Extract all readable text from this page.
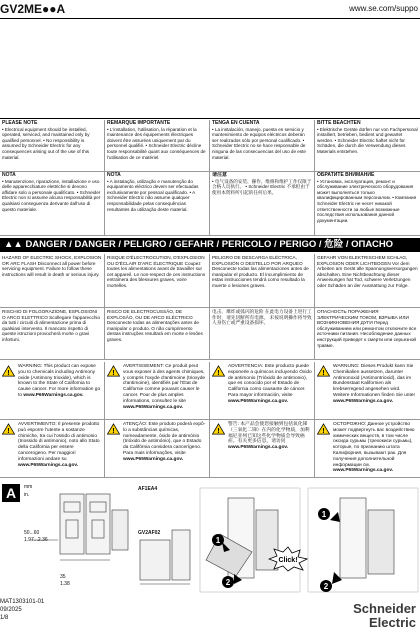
GV2ME●●A	www.se.com/suppo
PLEASE NOTE
• Electrical equipment should be installed, operated, serviced, and maintained only by qualified personnel. • No responsibility is assumed by Schneider Electric for any consequences arising out of the use of this material.
REMARQUE IMPORTANTE
• L'installation, l'utilisation, la réparation et la maintenance des équipements électriques doivent être assurées uniquement par du personnel qualifié. • Schneider Electric décline toute responsabilité quant aux conséquences de l'utilisation de ce matériel.
TENGA EN CUENTA
• La instalación, manejo, puesta en servicio y mantenimiento de equipos eléctricos deberán ser realizados sólo por personal cualificado. • Schneider Electric no se hace responsable de ninguna de las consecuencias del uso de este material.
BITTE BEACHTEN
• Elektrische Geräte dürfen nur von Fachpersonal installiert, betrieben, bedient und gewartet werden. • Schneider Electric haftet nicht für Schäden, die durch die Verwendung dieses Materials entstehen.
NOTA
• Manutenzione, riparazione, installazione e uso delle apparecchiature elettriche si devono affidare solo a personale qualificato. • Schneider Electric non si assume alcuna responsabilità per qualsiasi conseguenza derivante dall'uso di questo materiale.
NOTA
• A instalação, utilização e manutenção do equipamento eléctrico devem ser efectuadas exclusivamente por pessoal qualificado. • A Schneider Electric não assume qualquer responsabilidade pelas consequências resultantes da utilização deste material.
请注意
• 电气设备的安装、操作、维修和维护工作仅限于合格人员执行。 • Schneider Electric 不承担由于使用本资料所引起的任何后果。
ОБРАТИТЕ ВНИМАНИЕ
• Установка, эксплуатация, ремонт и обслуживание электрического оборудования может выполняться только квалифицированным персоналом. • Компания Schneider Electric не несет никакой ответственности за любые возможные последствия использования данной документации.
▲▲ DANGER / DANGER / PELIGRO / GEFAHR / PERICOLO / PERIGO / 危险 / ОПАСНО
HAZARD OF ELECTRIC SHOCK, EXPLOSION OR ARC FLASH Disconnect all power before servicing equipment. Failure to follow these instructions will result in death or serious injury.
RISQUE D'ÉLECTROCUTION, D'EXPLOSION OU D'ÉCLAIR D'ARC ÉLECTRIQUE Coupez toutes les alimentations avant de travailler sur cet appareil. Le non-respect de ces instructions entraînera des blessures graves, voire mortelles.
PELIGRO DE DESCARGA ELÉCTRICA, EXPLOSIÓN O DESTELLO POR ARQUEO Desconecte todas las alimentaciones antes de manipular el producto. El incumplimiento de estas instrucciones tendrá como resultado la muerte o lesiones graves.
GEFAHR VON ELEKTRISCHEM SCHLAG, EXPLOSION ODER LICHTBOGEN Vor dem Arbeiten am Gerät alle Spannungsversorgungen abschalten. Eine Nichtbeachtung dieser Anweisungen hat Tod, schwere Verletzungen oder Schäden an der Ausstattung zur Folge.
RISCHIO DI FOLGORAZIONE, ESPLOSIONI O ARCO ELETTRICO Scollegare l'apparecchio da tutti i circuiti di alimentazione prima di qualsiasi intervento. Il mancato rispetto di queste istruzioni provocherà morte o gravi infortuni.
RISCO DE ELECTROCUSSÃO, DE EXPLOSÃO, OU DE ARCO ELÉCTRICO Desconecte todas as alimentações antes de manipular o produto. O não cumprimento destas instruções resultará em morte e lesões graves.
电击、爆炸或弧闪的危险 在此电力设备上进行工作时，请先切断所有电源。 未按说明操作将导致人身伤亡或严重设备损坏。
ОПАСНОСТЬ ПОРАЖЕНИЯ ЭЛЕКТРИЧЕСКИМ ТОКОМ, ВЗРЫВА ИЛИ ВОЗНИКНОВЕНИЯ ДУГИ Перед обслуживанием или ремонтом отключите все источники питания. Несоблюдение данных инструкций приведет к смерти или серьезной травме.
!
WARNING: This product can expose you to chemicals including Antimony oxide (Antimony trioxide), which is known to the State of California to cause cancer. For more information go to www.P65Warnings.ca.gov.
!
AVERTISSEMENT: Ce produit peut vous exposer à des agents chimiques, y compris l'oxyde d'antimoine (trioxyde d'antimoine), identifiés par l'État de Californie comme pouvant causer le cancer. Pour de plus amples informations, consultez le site www.P65Warnings.ca.gov.
!
ADVERTENCIA: Este producto puede exponerle a químicos incluyendo Óxido de antimonio (Trióxido de antimonio), que es conocido por el Estado de California como causante de cáncer. Para mayor información, visite www.P65Warnings.ca.gov.
!
WARNUNG: Dieses Produkt kann Sie Chemikalien aussetzen, darunter Antimonoxid (Antimontrioxid), das im Bundesstaat Kalifornien als krebserregend angesehen wird. Weitere Informationen finden Sie unter www.P65Warnings.ca.gov.
!
AVVERTIMENTO: Il presente prodotto può esporre l'utente a sostanze chimiche, tra cui l'ossido di antimonio (triossido di antimonio), noto allo Stato della California per essere cancerogeno. Per maggiori informazioni andare su www.P65Warnings.ca.gov.
!
ATENÇÃO: Este produto poderá expô-lo a substâncias químicas, nomeadamente, óxido de antimónio (trióxido de antimónio), que o Estado da Califórnia considera cancerígeno. Para mais informações, visite www.P65Warnings.ca.gov.
!
警告: 本产品会使您接触到包括氧化锑（三氧化二锑）在内的化学物质，加利福尼亚州已知这些化学物质会导致癌症。有关更多信息，请访问 www.P65Warnings.ca.gov.
!
ОСТОРОЖНО: Данное устройство может подвергнуть вас воздействию химических веществ, в том числе оксида сурьмы (трехокиси сурьмы), которые, по признанию штата Калифорния, вызывают рак. Для получения дополнительной информации см. www.P65Warnings.ca.gov.
A	mm
in.
50...60
1.97...2.36
35
1.38
AF1EA4
GV2AF02
1
2
1
2
Click!
MAT1303101-01
09/2025
1/8
Schneider
Electric
